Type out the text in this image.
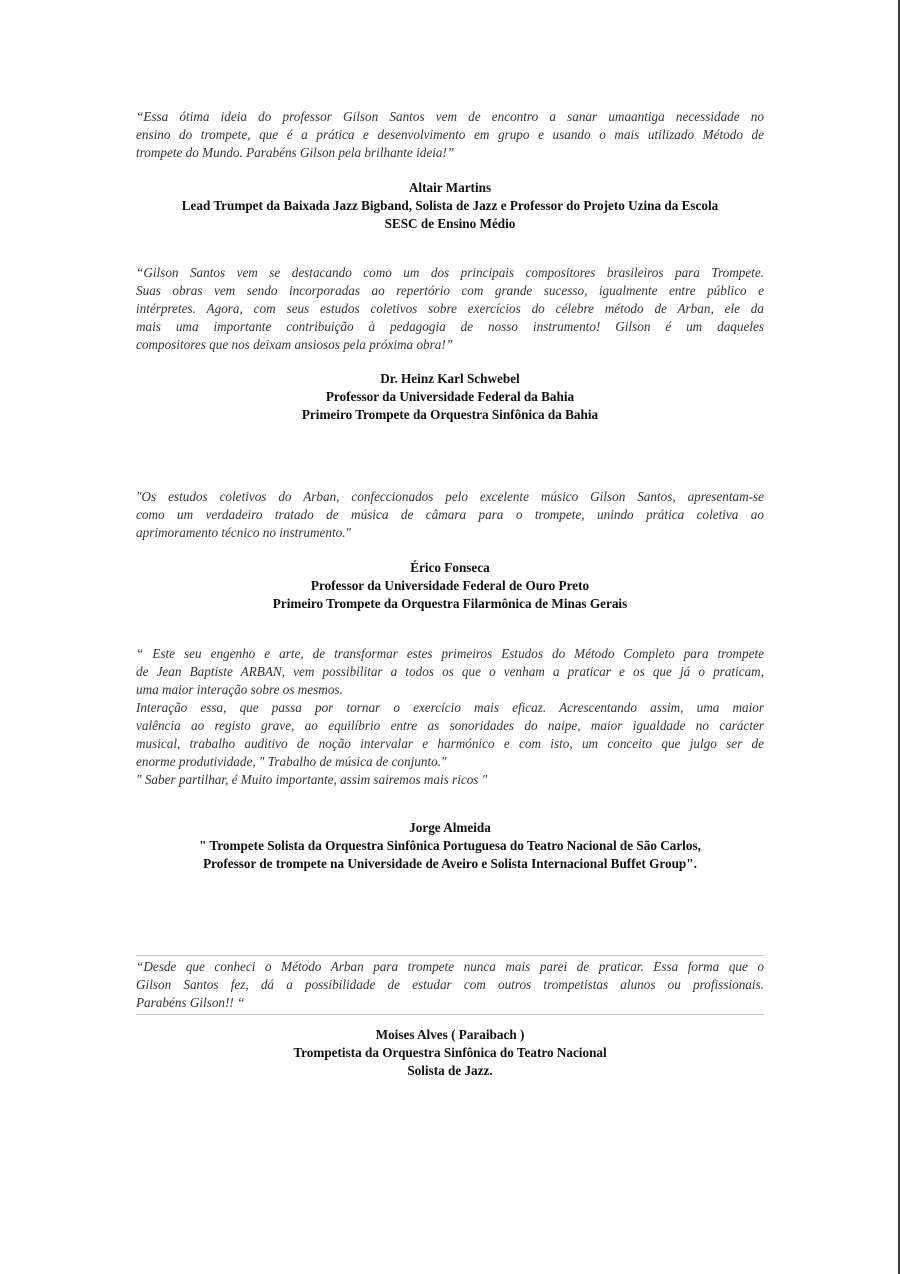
“Essa ótima ideia do professor Gilson Santos vem de encontro a sanar umaantiga necessidade no
ensino do trompete, que é a prática e desenvolvimento em grupo e usando o mais utilizado Método de
trompete do Mundo. Parabéns Gilson pela brilhante ideia!”

Altair Martins
Lead Trumpet da Baixada Jazz Bigband, Solista de Jazz e Professor do Projeto Uzina da Escola
SESC de Ensino Médio

“Gilson Santos vem se destacando como um dos principais compositores brasileiros para Trompete.
Suas obras vem sendo incorporadas ao repertório com grande sucesso, igualmente entre público e
intérpretes. Agora, com seus estudos coletivos sobre exercícios do célebre método de Arban, ele da
mais uma importante contribuição à pedagogia de nosso instrumento! Gilson é um daqueles
compositores que nos deixam ansiosos pela próxima obra!”

Dr. Heinz Karl Schwebel
Professor da Universidade Federal da Bahia
Primeiro Trompete da Orquestra Sinfônica da Bahia

"Os estudos coletivos do Arban, confeccionados pelo excelente músico Gilson Santos, apresentam-se
como um verdadeiro tratado de música de câmara para o trompete, unindo prática coletiva ao
aprimoramento técnico no instrumento."

Érico Fonseca
Professor da Universidade Federal de Ouro Preto
Primeiro Trompete da Orquestra Filarmônica de Minas Gerais

“ Este seu engenho e arte, de transformar estes primeiros Estudos do Método Completo para trompete
de Jean Baptiste ARBAN, vem possibilitar a todos os que o venham a praticar e os que já o praticam,
uma maior interação sobre os mesmos.
Interação essa, que passa por tornar o exercício mais eficaz. Acrescentando assim, uma maior
valência ao registo grave, ao equilíbrio entre as sonoridades do naipe, maior igualdade no carácter
musical, trabalho auditivo de noção intervalar e harmónico e com isto, um conceito que julgo ser de
enorme produtividade, " Trabalho de música de conjunto."
" Saber partilhar, é Muito importante, assim sairemos mais ricos "

Jorge Almeida
" Trompete Solista da Orquestra Sinfônica Portuguesa do Teatro Nacional de São Carlos,
Professor de trompete na Universidade de Aveiro e Solista Internacional Buffet Group".

“Desde que conheci o Método Arban para trompete nunca mais parei de praticar. Essa forma que o
Gilson Santos fez, dá a possibilidade de estudar com outros trompetistas alunos ou profissionais.
Parabéns Gilson!! “

Moises Alves ( Paraibach )
Trompetista da Orquestra Sinfônica do Teatro Nacional
Solista de Jazz.
